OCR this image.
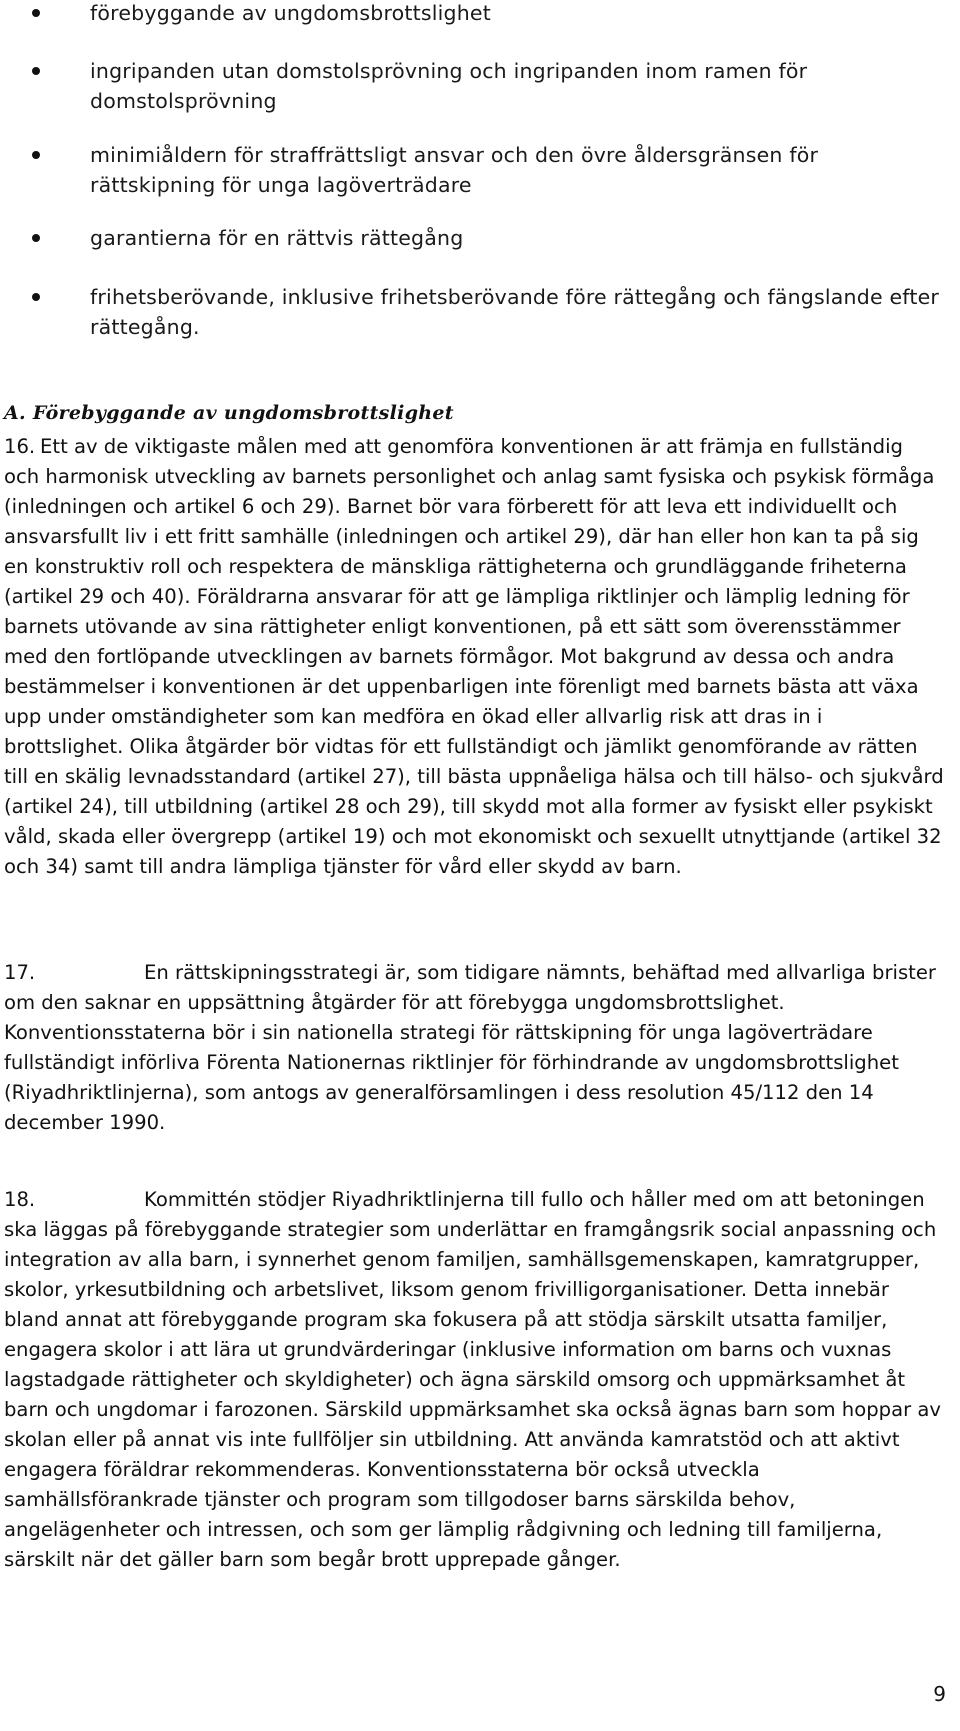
förebyggande av ungdomsbrottslighet
ingripanden utan domstolsprövning och ingripanden inom ramen för domstolsprövning
minimiåldern för straffrättsligt ansvar och den övre åldersgränsen för rättskipning för unga lagöverträdare
garantierna för en rättvis rättegång
frihetsberövande, inklusive frihetsberövande före rättegång och fängslande efter rättegång.
A. Förebyggande av ungdomsbrottslighet
16. Ett av de viktigaste målen med att genomföra konventionen är att främja en fullständig och harmonisk utveckling av barnets personlighet och anlag samt fysiska och psykisk förmåga (inledningen och artikel 6 och 29). Barnet bör vara förberett för att leva ett individuellt och ansvarsfullt liv i ett fritt samhälle (inledningen och artikel 29), där han eller hon kan ta på sig en konstruktiv roll och respektera de mänskliga rättigheterna och grundläggande friheterna (artikel 29 och 40). Föräldrarna ansvarar för att ge lämpliga riktlinjer och lämplig ledning för barnets utövande av sina rättigheter enligt konventionen, på ett sätt som överensstämmer med den fortlöpande utvecklingen av barnets förmågor. Mot bakgrund av dessa och andra bestämmelser i konventionen är det uppenbarligen inte förenligt med barnets bästa att växa upp under omständigheter som kan medföra en ökad eller allvarlig risk att dras in i brottslighet. Olika åtgärder bör vidtas för ett fullständigt och jämlikt genomförande av rätten till en skälig levnadsstandard (artikel 27), till bästa uppnåeliga hälsa och till hälso- och sjukvård (artikel 24), till utbildning (artikel 28 och 29), till skydd mot alla former av fysiskt eller psykiskt våld, skada eller övergrepp (artikel 19) och mot ekonomiskt och sexuellt utnyttjande (artikel 32 och 34) samt till andra lämpliga tjänster för vård eller skydd av barn.
17.	En rättskipningsstrategi är, som tidigare nämnts, behäftad med allvarliga brister om den saknar en uppsättning åtgärder för att förebygga ungdomsbrottslighet. Konventionsstaterna bör i sin nationella strategi för rättskipning för unga lagöverträdare fullständigt införliva Förenta Nationernas riktlinjer för förhindrande av ungdomsbrottslighet (Riyadhriktlinjerna), som antogs av generalförsamlingen i dess resolution 45/112 den 14 december 1990.
18.	Kommittén stödjer Riyadhriktlinjerna till fullo och håller med om att betoningen ska läggas på förebyggande strategier som underlättar en framgångsrik social anpassning och integration av alla barn, i synnerhet genom familjen, samhällsgemenskapen, kamratgrupper, skolor, yrkesutbildning och arbetslivet, liksom genom frivilligorganisationer. Detta innebär bland annat att förebyggande program ska fokusera på att stödja särskilt utsatta familjer, engagera skolor i att lära ut grundvärderingar (inklusive information om barns och vuxnas lagstadgade rättigheter och skyldigheter) och ägna särskild omsorg och uppmärksamhet åt barn och ungdomar i farozonen. Särskild uppmärksamhet ska också ägnas barn som hoppar av skolan eller på annat vis inte fullföljer sin utbildning. Att använda kamratstöd och att aktivt engagera föräldrar rekommenderas. Konventionsstaterna bör också utveckla samhällsförankrade tjänster och program som tillgodoser barns särskilda behov, angelägenheter och intressen, och som ger lämplig rådgivning och ledning till familjerna, särskilt när det gäller barn som begår brott upprepade gånger.
9
